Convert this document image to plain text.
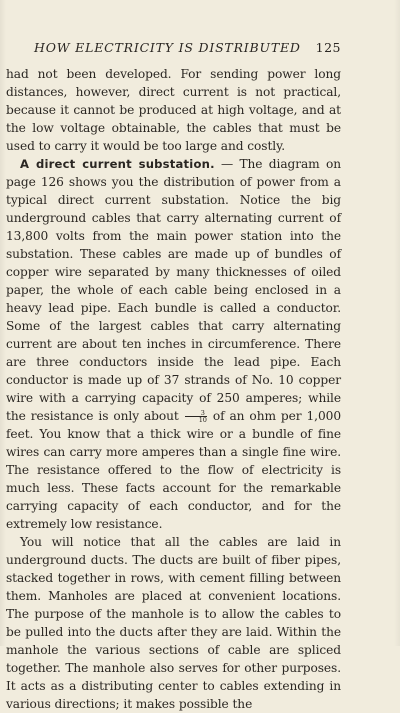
HOW ELECTRICITY IS DISTRIBUTED 125

had not been developed. For sending power long distances, however, direct current is not practical, because it cannot be produced at high voltage, and at the low voltage obtainable, the cables that must be used to carry it would be too large and costly.

A direct current substation. — The diagram on page 126 shows you the distribution of power from a typical direct current substation. Notice the big underground cables that carry alternating current of 13,800 volts from the main power station into the substation. These cables are made up of bundles of copper wire separated by many thicknesses of oiled paper, the whole of each cable being enclosed in a heavy lead pipe. Each bundle is called a conductor. Some of the largest cables that carry alternating current are about ten inches in circumference. There are three conductors inside the lead pipe. Each conductor is made up of 37 strands of No. 10 copper wire with a carrying capacity of 250 amperes; while the resistance is only about $\frac{3}{10}$ of an ohm per 1,000 feet. You know that a thick wire or a bundle of fine wires can carry more amperes than a single fine wire. The resistance offered to the flow of electricity is much less. These facts account for the remarkable carrying capacity of each conductor, and for the extremely low resistance.

You will notice that all the cables are laid in underground ducts. The ducts are built of fiber pipes, stacked together in rows, with cement filling between them. Manholes are placed at convenient locations. The purpose of the manhole is to allow the cables to be pulled into the ducts after they are laid. Within the manhole the various sections of cable are spliced together. The manhole also serves for other purposes. It acts as a distributing center to cables extending in various directions; it makes possible the
